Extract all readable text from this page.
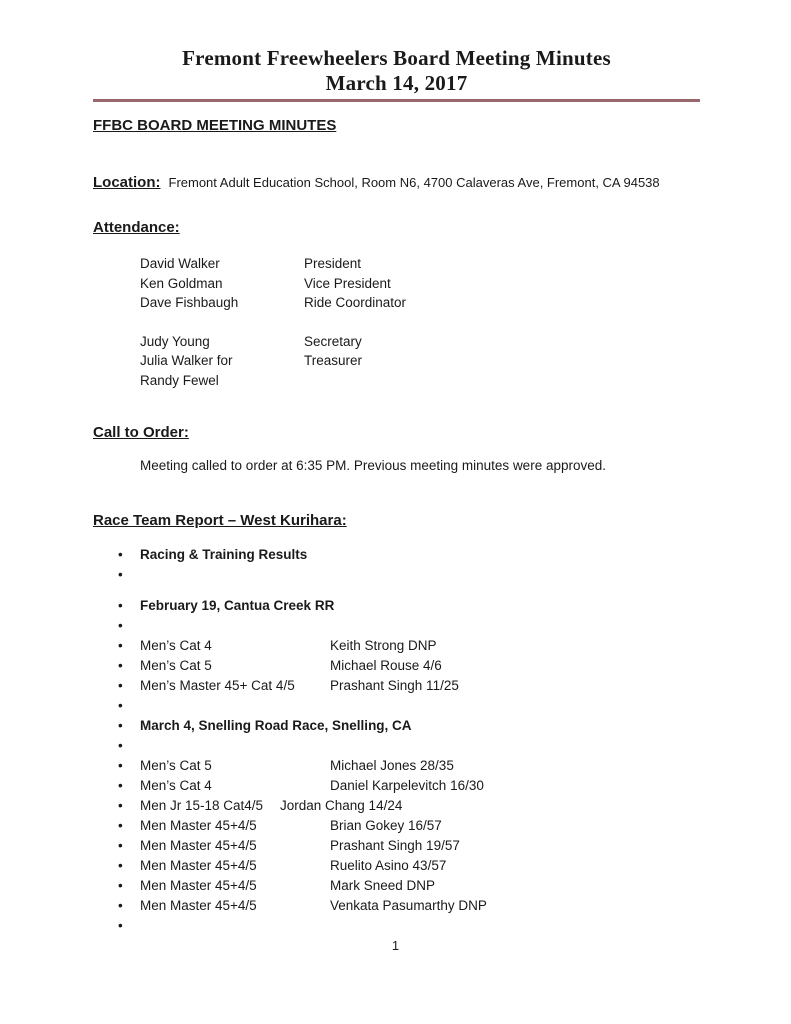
Fremont Freewheelers Board Meeting Minutes
March 14, 2017
FFBC BOARD MEETING MINUTES
Location: Fremont Adult Education School, Room N6, 4700 Calaveras Ave, Fremont, CA 94538
Attendance:
David Walker	President
Ken Goldman	Vice President
Dave Fishbaugh	Ride Coordinator
Judy Young	Secretary
Julia Walker for	Treasurer
Randy Fewel
Call to Order:
Meeting called to order at 6:35 PM. Previous meeting minutes were approved.
Race Team Report – West Kurihara:
•	Racing & Training Results
•
•	February 19, Cantua Creek RR
•
•	Men’s Cat 4	Keith Strong DNP
•	Men’s Cat 5	Michael Rouse 4/6
•	Men’s Master 45+ Cat 4/5	Prashant Singh 11/25
•
•	March 4, Snelling Road Race, Snelling, CA
•
•	Men’s Cat 5	Michael Jones 28/35
•	Men’s Cat 4	Daniel Karpelevitch 16/30
•	Men Jr 15-18 Cat4/5	Jordan Chang 14/24
•	Men Master 45+4/5	Brian Gokey 16/57
•	Men Master 45+4/5	Prashant Singh 19/57
•	Men Master 45+4/5	Ruelito Asino 43/57
•	Men Master 45+4/5	Mark Sneed DNP
•	Men Master 45+4/5	Venkata Pasumarthy DNP
•
1
